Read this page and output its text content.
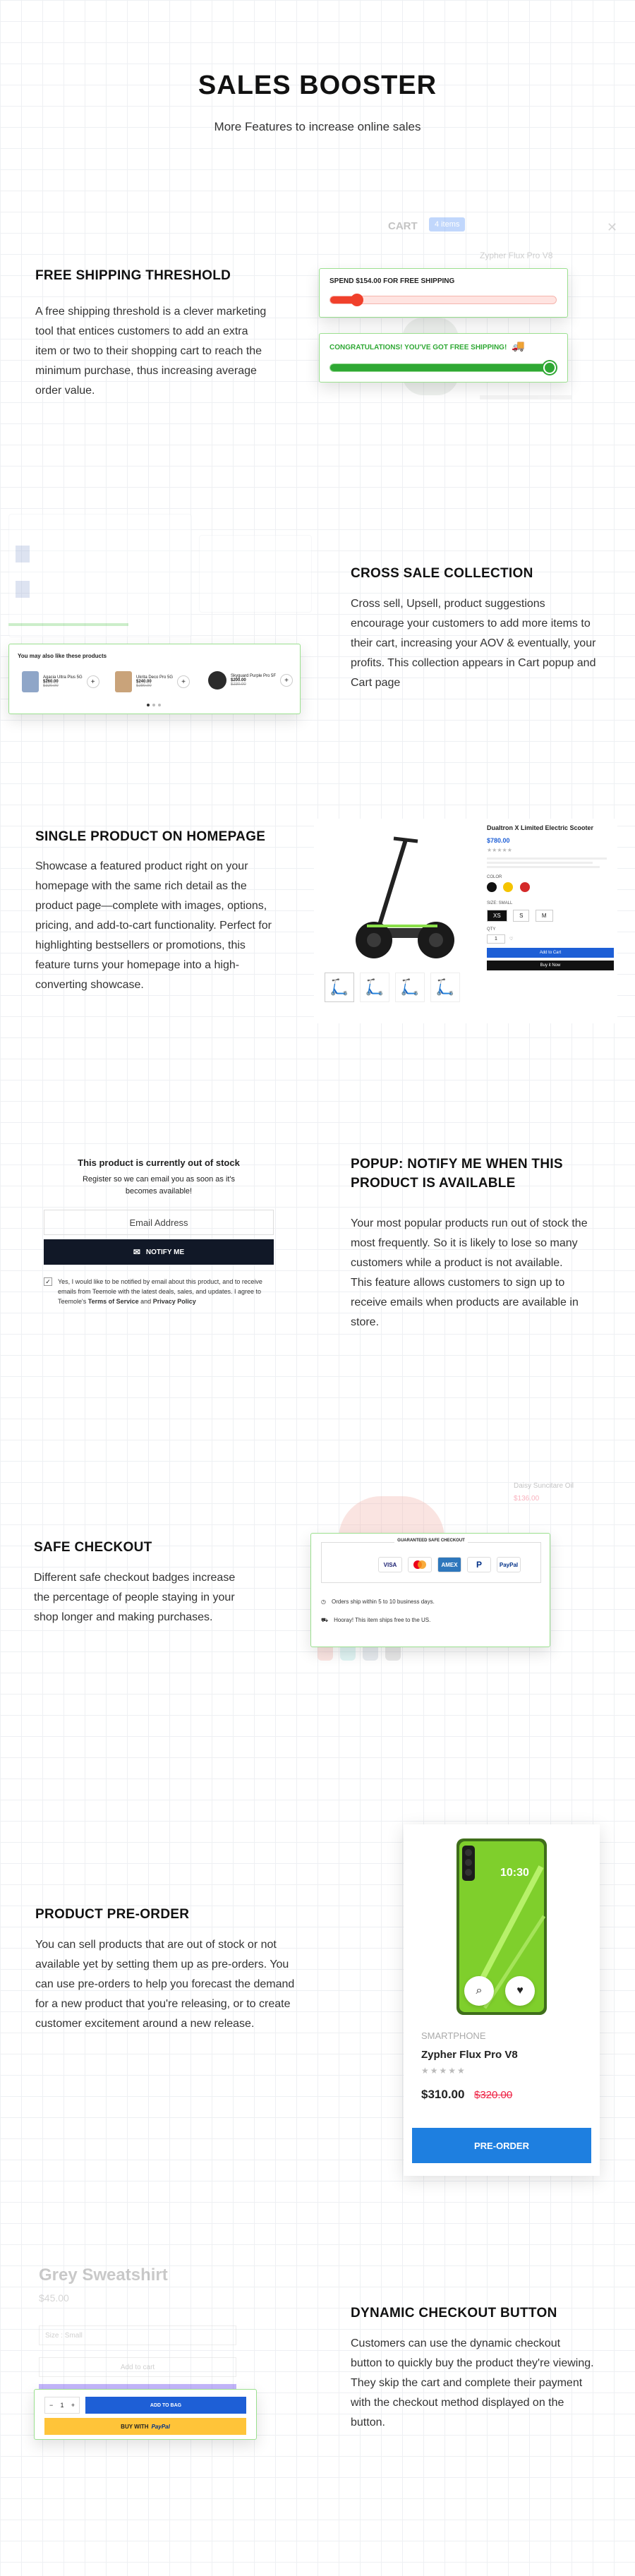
SALES BOOSTER
More Features to increase online sales
FREE SHIPPING THRESHOLD
A free shipping threshold is a clever marketing tool that entices customers to add an extra item or two to their shopping cart to reach the minimum purchase, thus increasing average order value.
CART	4 items	✕
Zypher Flux Pro V8
SPEND $154.00 FOR FREE SHIPPING
CONGRATULATIONS! YOU'VE GOT FREE SHIPPING! 🚚
You may also like these products
Agacia Ultra Plus 5G
$260.00
$320.00
+
Ukrita Deco Pro 5G
$240.00
$280.00
+
Skyguard Purple Pro 5F
$200.00
$230.00
+
CROSS SALE COLLECTION
Cross sell, Upsell, product suggestions encourage your customers to add more items to their cart, increasing your AOV & eventually, your profits. This collection appears in Cart popup and Cart page
SINGLE PRODUCT ON HOMEPAGE
Showcase a featured product right on your homepage with the same rich detail as the product page—complete with images, options, pricing, and add-to-cart functionality. Perfect for highlighting bestsellers or promotions, this feature turns your homepage into a high-converting showcase.	🛴	🛴	🛴	🛴
Dualtron X Limited Electric Scooter
$780.00
★★★★★
COLOR

SIZE: SMALL
XS	S	M
QTY
1	♡
Add to Cart
Buy it Now
This product is currently out of stock
Register so we can email you as soon as it's becomes available!
Email Address
✉ NOTIFY ME
✓ Yes, I would like to be notified by email about this product, and to receive emails from Teemole with the latest deals, sales, and updates. I agree to Teemole's Terms of Service and Privacy Policy
POPUP: NOTIFY ME WHEN THIS PRODUCT IS AVAILABLE
Your most popular products run out of stock the most frequently. So it is likely to lose so many customers while a product is not available.
This feature allows customers to sign up to receive emails when products are available in store.
SAFE CHECKOUT
Different safe checkout badges increase the percentage of people staying in your shop longer and making purchases.
Daisy Suncitare Oil
$136.00
GUARANTEED SAFE CHECKOUT
VISA	AMEX	P	PayPal
◷ Orders ship within 5 to 10 business days.
⛟ Hooray! This item ships free to the US.
PRODUCT PRE-ORDER
You can sell products that are out of stock or not available yet by setting them up as pre-orders. You can use pre-orders to help you forecast the demand for a new product that you're releasing, or to create customer excitement around a new release.
10:30
⌕	♥
SMARTPHONE
Zypher Flux Pro V8
★★★★★
$310.00 $320.00
PRE-ORDER
Grey Sweatshirt
$45.00
Size : Small
Add to cart
− 1 +	ADD TO BAG
BUY WITH PayPal
DYNAMIC CHECKOUT BUTTON
Customers can use the dynamic checkout button to quickly buy the product they're viewing. They skip the cart and complete their payment with the checkout method displayed on the button.
